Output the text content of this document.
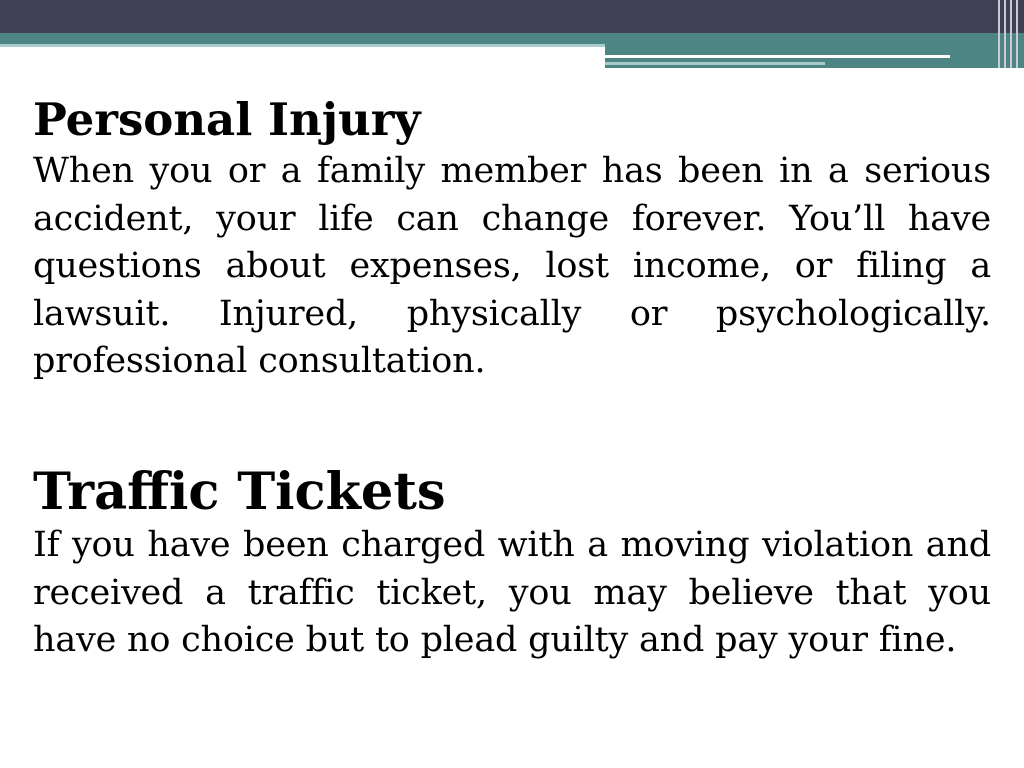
Personal Injury

When you or a family member has been in a serious accident, your life can change forever. You’ll have questions about expenses, lost income, or filing a lawsuit. Injured, physically or psychologically. professional consultation.

Traffic Tickets

If you have been charged with a moving violation and received a traffic ticket, you may believe that you have no choice but to plead guilty and pay your fine.
